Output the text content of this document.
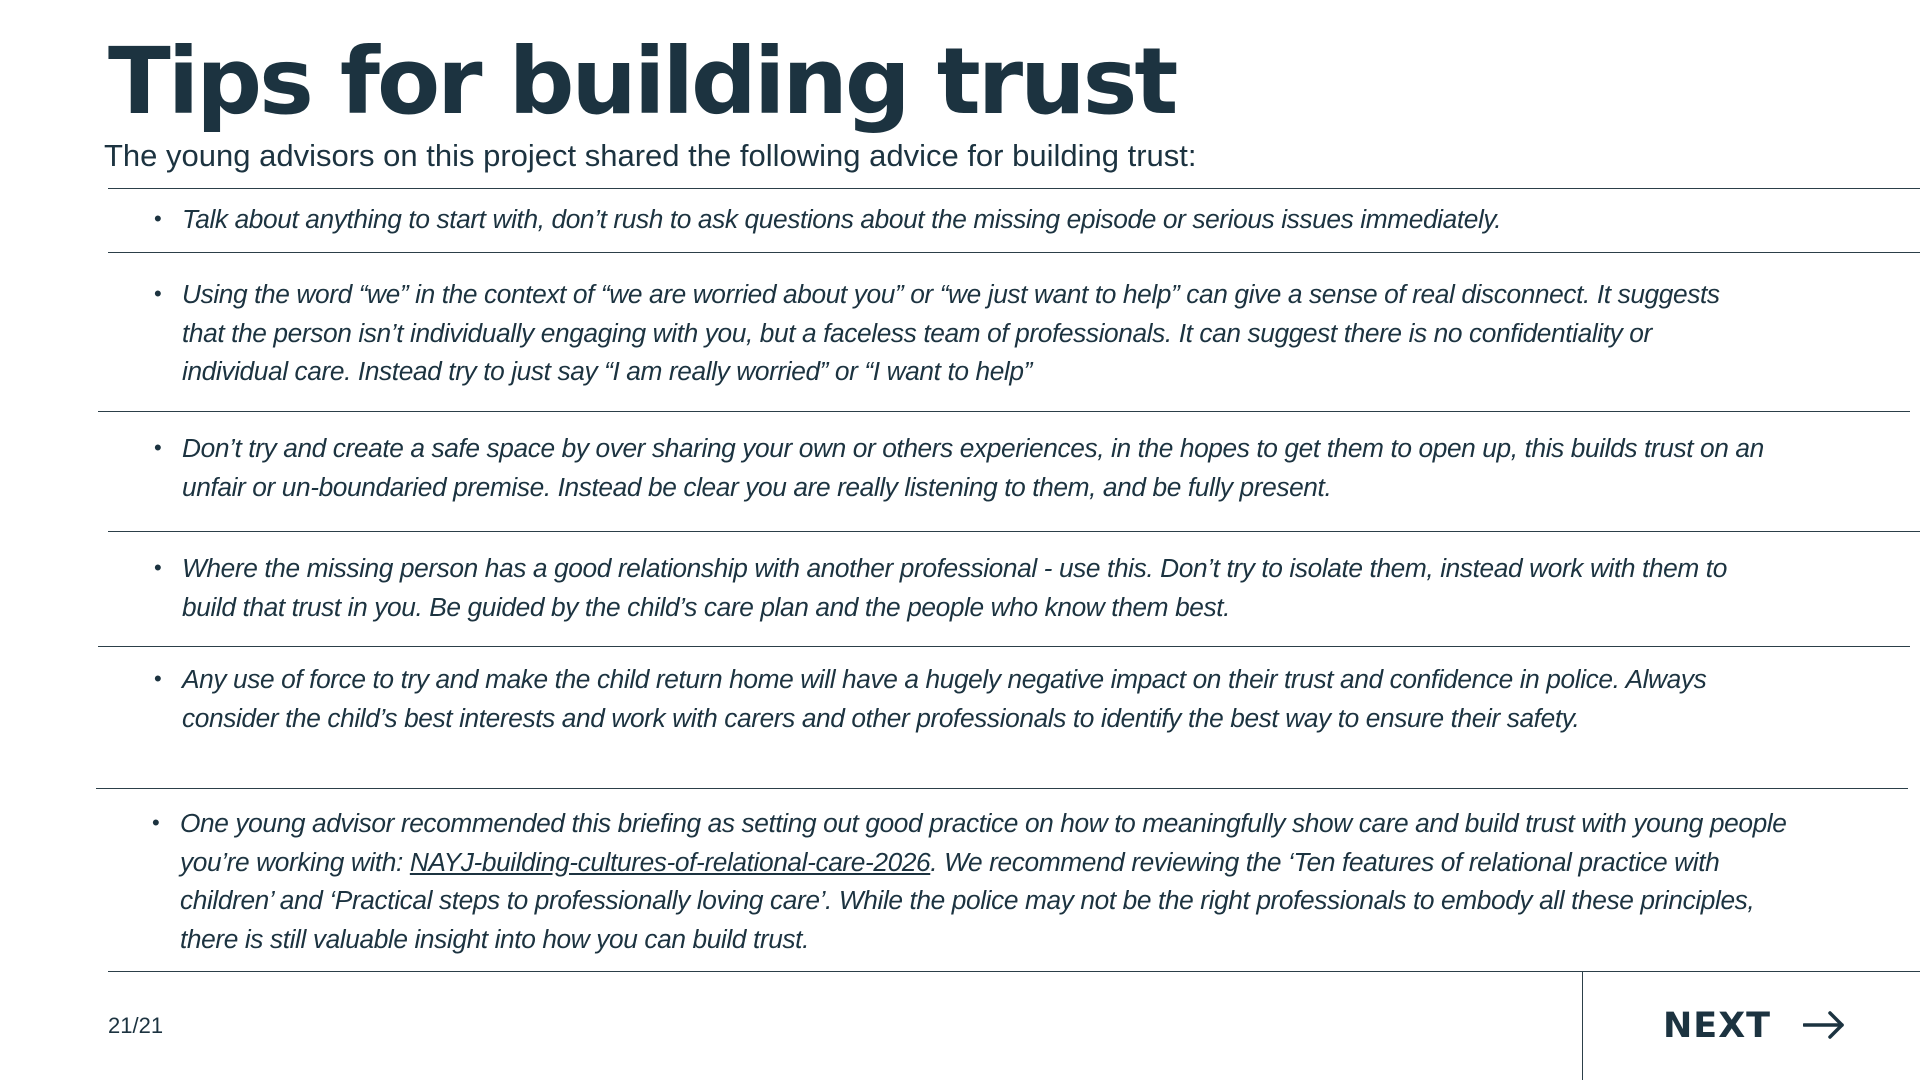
Tips for building trust

The young advisors on this project shared the following advice for building trust:

• Talk about anything to start with, don’t rush to ask questions about the missing episode or serious issues immediately.

• Using the word “we” in the context of “we are worried about you” or “we just want to help” can give a sense of real disconnect. It suggests that the person isn’t individually engaging with you, but a faceless team of professionals. It can suggest there is no confidentiality or individual care. Instead try to just say “I am really worried” or “I want to help”

• Don’t try and create a safe space by over sharing your own or others experiences, in the hopes to get them to open up, this builds trust on an unfair or un-boundaried premise. Instead be clear you are really listening to them, and be fully present.

• Where the missing person has a good relationship with another professional - use this. Don’t try to isolate them, instead work with them to build that trust in you. Be guided by the child’s care plan and the people who know them best.

• Any use of force to try and make the child return home will have a hugely negative impact on their trust and confidence in police. Always consider the child’s best interests and work with carers and other professionals to identify the best way to ensure their safety.

• One young advisor recommended this briefing as setting out good practice on how to meaningfully show care and build trust with young people you’re working with: NAYJ-building-cultures-of-relational-care-2026. We recommend reviewing the ‘Ten features of relational practice with children’ and ‘Practical steps to professionally loving care’. While the police may not be the right professionals to embody all these principles, there is still valuable insight into how you can build trust.

21/21	NEXT
